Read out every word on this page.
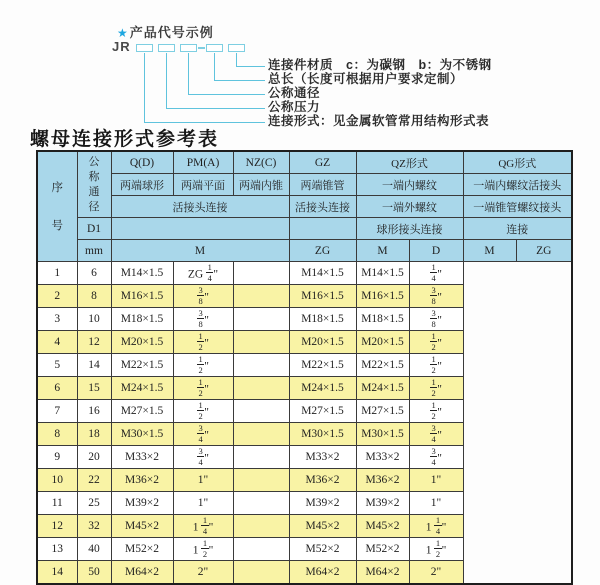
★产品代号示例
JR
连接件材质　c：为碳钢　b：为不锈钢
总长（长度可根据用户要求定制）
公称通径
公称压力
连接形式：见金属软管常用结构形式表
螺母连接形式参考表
序号	公称通径	Q(D)	PM(A)	NZ(C)	GZ	QZ形式		QG形式	
		两端球形	两端平面	两端内锥	两端锥管	一端内螺纹		一端内螺纹活接头	
		活接头连接			活接头连接	一端外螺纹		一端锥管螺纹接头	
	D1					球形接头连接		连接	
	mm	M			ZG	M	D	M	ZG
1	6	M14×1.5	ZG $\frac{1}{4}$ "		M14×1.5	M14×1.5	$\frac{1}{4}$ "		
2	8	M16×1.5	$\frac{3}{8}$ "		M16×1.5	M16×1.5	$\frac{3}{8}$ "		
3	10	M18×1.5	$\frac{3}{8}$ "		M18×1.5	M18×1.5	$\frac{3}{8}$ "		
4	12	M20×1.5	$\frac{1}{2}$ "		M20×1.5	M20×1.5	$\frac{1}{2}$ "		
5	14	M22×1.5	$\frac{1}{2}$ "		M22×1.5	M22×1.5	$\frac{1}{2}$ "		
6	15	M24×1.5	$\frac{1}{2}$ "		M24×1.5	M24×1.5	$\frac{1}{2}$ "		
7	16	M27×1.5	$\frac{1}{2}$ "		M27×1.5	M27×1.5	$\frac{1}{2}$ "		
8	18	M30×1.5	$\frac{3}{4}$ "		M30×1.5	M30×1.5	$\frac{3}{4}$ "		
9	20	M33×2	$\frac{3}{4}$ "		M33×2	M33×2	$\frac{3}{4}$ "		
10	22	M36×2	1"		M36×2	M36×2	1"		
11	25	M39×2	1"		M39×2	M39×2	1"		
12	32	M45×2	$1 \frac{1}{4}$ "		M45×2	M45×2	$1 \frac{1}{4}$ "		
13	40	M52×2	$1 \frac{1}{2}$ "		M52×2	M52×2	$1 \frac{1}{2}$ "		
14	50	M64×2	2"		M64×2	M64×2	2"		
